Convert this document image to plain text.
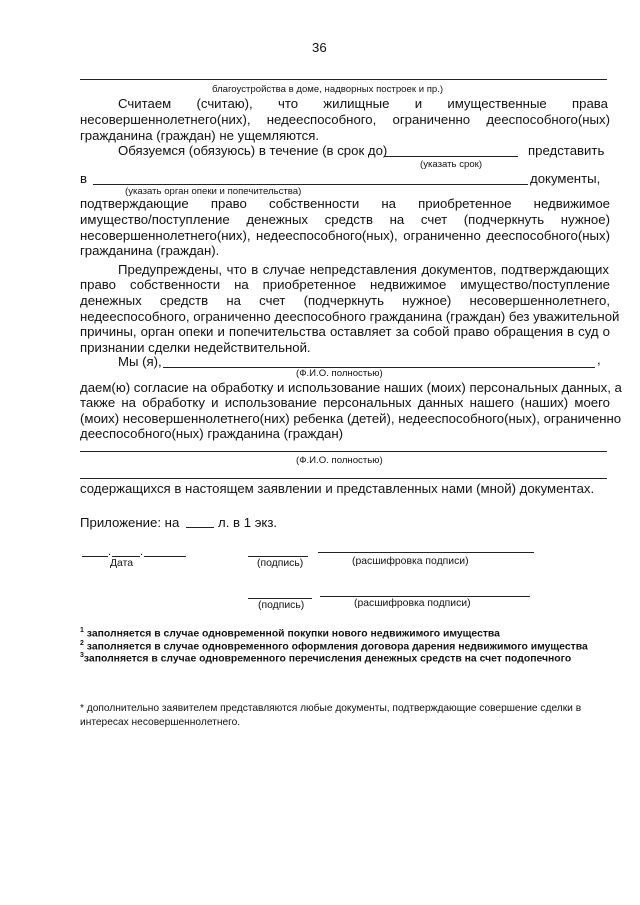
36
благоустройства в доме, надворных построек и пр.)
Считаем (считаю), что жилищные и имущественные права
несовершеннолетнего(них), недееспособного, ограниченно дееспособного(ных)
гражданина (граждан) не ущемляются.
Обязуемся (обязуюсь) в течение (в срок до)	представить
(указать срок)
в	документы,
(указать орган опеки и попечительства)
подтверждающие право собственности на приобретенное недвижимое
имущество/поступление денежных средств на счет (подчеркнуть нужное)
несовершеннолетнего(них), недееспособного(ных), ограниченно дееспособного(ных)
гражданина (граждан).
Предупреждены, что в случае непредставления документов, подтверждающих
право собственности на приобретенное недвижимое имущество/поступление
денежных средств на счет (подчеркнуть нужное) несовершеннолетнего,
недееспособного, ограниченно дееспособного гражданина (граждан) без уважительной
причины, орган опеки и попечительства оставляет за собой право обращения в суд о
признании сделки недействительной.
Мы (я),	,
(Ф.И.О. полностью)
даем(ю) согласие на обработку и использование наших (моих) персональных данных, а
также на обработку и использование персональных данных нашего (наших) моего
(моих) несовершеннолетнего(них) ребенка (детей), недееспособного(ных), ограниченно
дееспособного(ных) гражданина (граждан)
(Ф.И.О. полностью)
содержащихся в настоящем заявлении и представленных нами (мной) документах.
Приложение: на	л. в 1 экз.
.	.
Дата	(подпись)	(расшифровка подписи)
(подпись)	(расшифровка подписи)
$^1$ заполняется в случае одновременной покупки нового недвижимого имущества
$^2$ заполняется в случае одновременного оформления договора дарения недвижимого имущества
$^3$заполняется в случае одновременного перечисления денежных средств на счет подопечного
* дополнительно заявителем представляются любые документы, подтверждающие совершение сделки в
интересах несовершеннолетнего.
